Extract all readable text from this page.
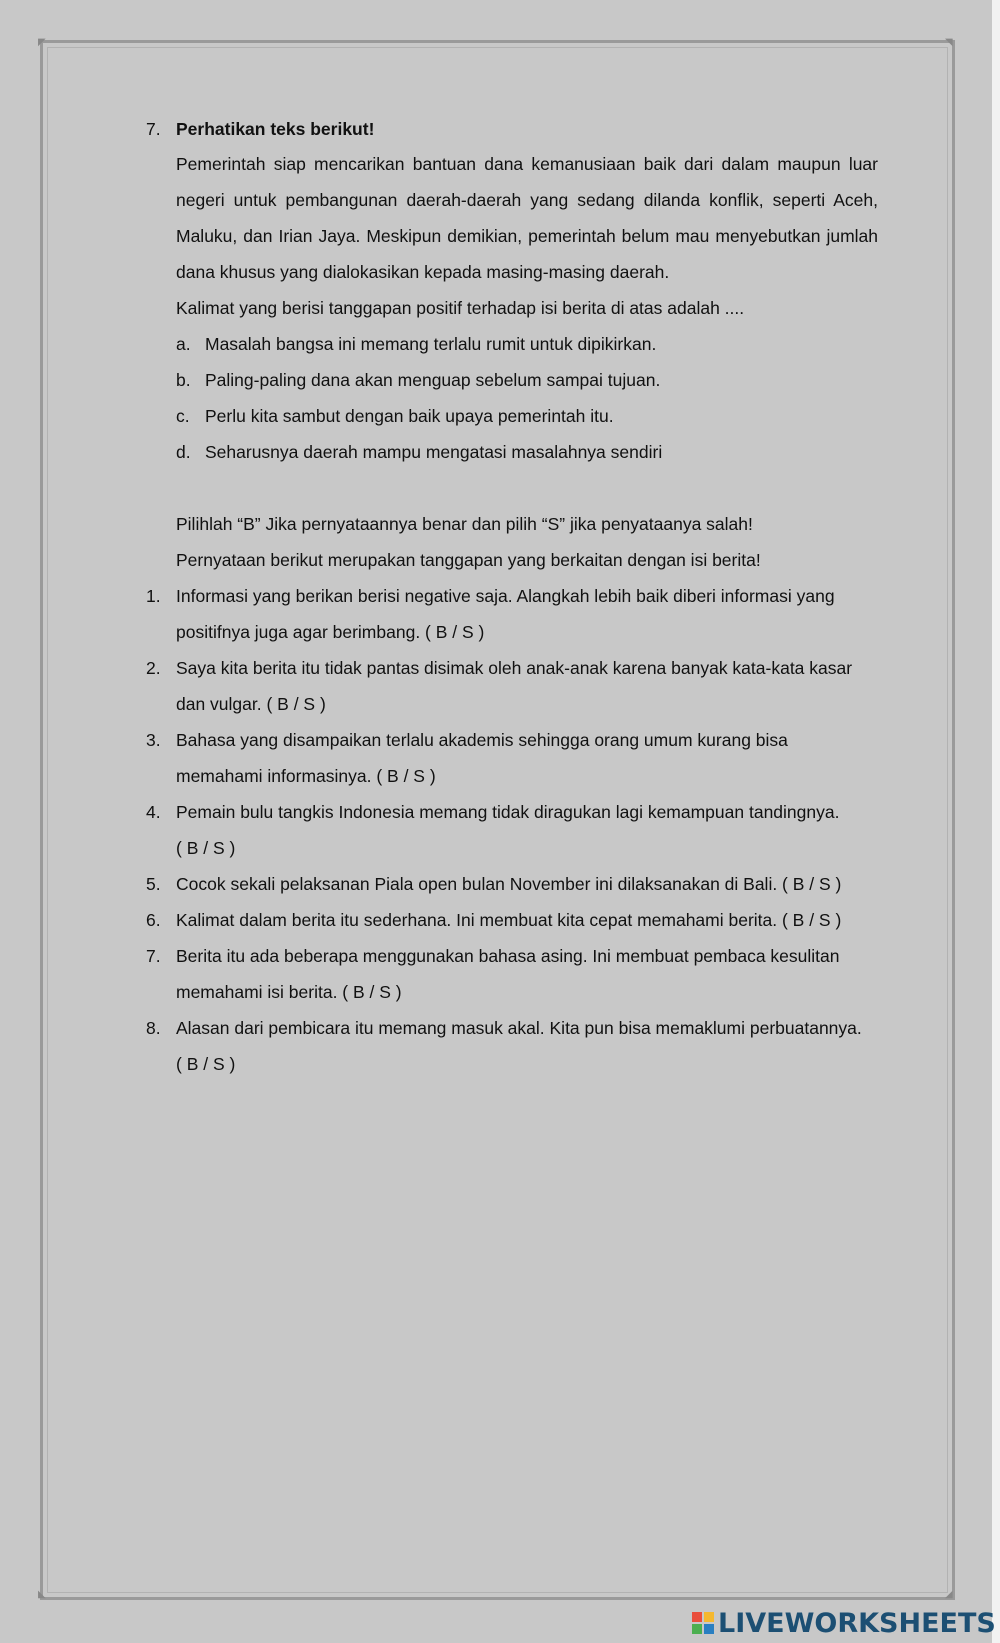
◤	◥
◣	◢
7. Perhatikan teks berikut!
Pemerintah siap mencarikan bantuan dana kemanusiaan baik dari dalam maupun luar
negeri untuk pembangunan daerah-daerah yang sedang dilanda konflik, seperti Aceh,
Maluku, dan Irian Jaya. Meskipun demikian, pemerintah belum mau menyebutkan jumlah
dana khusus yang dialokasikan kepada masing-masing daerah.
Kalimat yang berisi tanggapan positif terhadap isi berita di atas adalah ....
a. Masalah bangsa ini memang terlalu rumit untuk dipikirkan.
b. Paling-paling dana akan menguap sebelum sampai tujuan.
c. Perlu kita sambut dengan baik upaya pemerintah itu.
d. Seharusnya daerah mampu mengatasi masalahnya sendiri
Pilihlah “B” Jika pernyataannya benar dan pilih “S” jika penyataanya salah!
Pernyataan berikut merupakan tanggapan yang berkaitan dengan isi berita!
1. Informasi yang berikan berisi negative saja. Alangkah lebih baik diberi informasi yang
positifnya juga agar berimbang. ( B / S )
2. Saya kita berita itu tidak pantas disimak oleh anak-anak karena banyak kata-kata kasar
dan vulgar. ( B / S )
3. Bahasa yang disampaikan terlalu akademis sehingga orang umum kurang bisa
memahami informasinya. ( B / S )
4. Pemain bulu tangkis Indonesia memang tidak diragukan lagi kemampuan tandingnya.
( B / S )
5. Cocok sekali pelaksanan Piala open bulan November ini dilaksanakan di Bali. ( B / S )
6. Kalimat dalam berita itu sederhana. Ini membuat kita cepat memahami berita. ( B / S )
7. Berita itu ada beberapa menggunakan bahasa asing. Ini membuat pembaca kesulitan
memahami isi berita. ( B / S )
8. Alasan dari pembicara itu memang masuk akal. Kita pun bisa memaklumi perbuatannya.
( B / S )
LIVEWORKSHEETS
